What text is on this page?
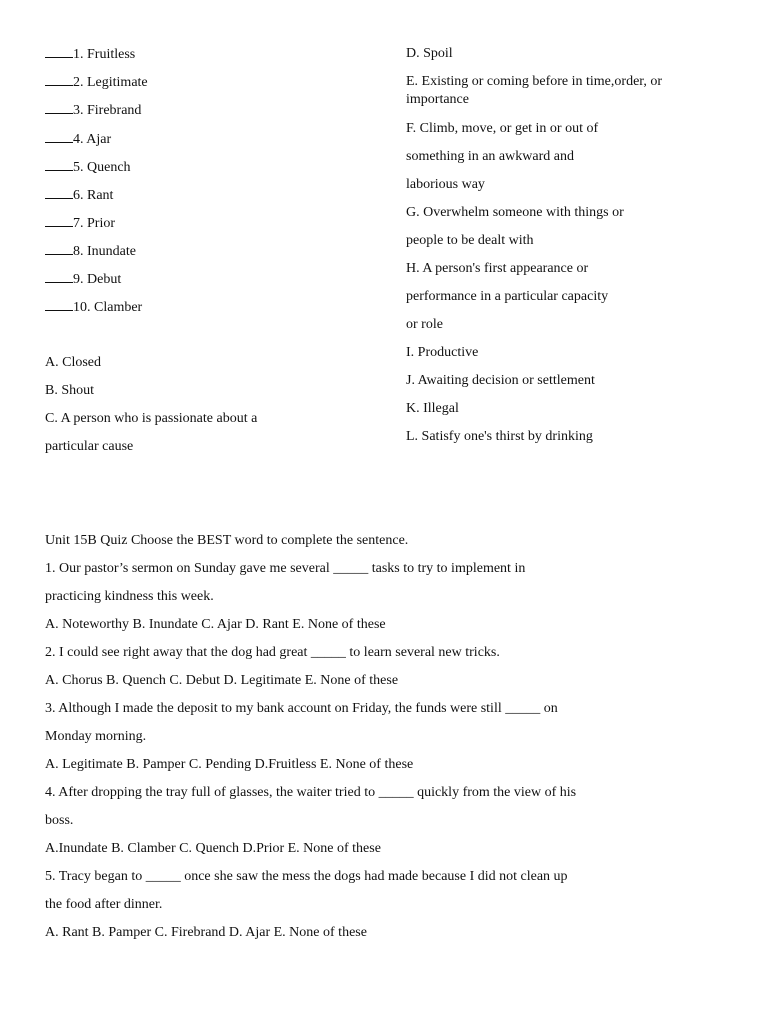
1. Fruitless
2. Legitimate
3. Firebrand
4. Ajar
5. Quench
6. Rant
7. Prior
8. Inundate
9. Debut
10. Clamber
A. Closed
B. Shout
C. A person who is passionate about a
particular cause
D. Spoil
E. Existing or coming before in time,order, or
importance
F. Climb, move, or get in or out of
something in an awkward and
laborious way
G. Overwhelm someone with things or
people to be dealt with
H. A person's first appearance or
performance in a particular capacity
or role
I. Productive
J. Awaiting decision or settlement
K. Illegal
L. Satisfy one's thirst by drinking
Unit 15B Quiz Choose the BEST word to complete the sentence.
1. Our pastor’s sermon on Sunday gave me several _____ tasks to try to implement in
practicing kindness this week.
A. Noteworthy B. Inundate C. Ajar D. Rant E. None of these
2. I could see right away that the dog had great _____ to learn several new tricks.
A. Chorus B. Quench C. Debut D. Legitimate E. None of these
3. Although I made the deposit to my bank account on Friday, the funds were still _____ on
Monday morning.
A. Legitimate B. Pamper C. Pending D.Fruitless E. None of these
4. After dropping the tray full of glasses, the waiter tried to _____ quickly from the view of his
boss.
A.Inundate B. Clamber C. Quench D.Prior E. None of these
5. Tracy began to _____ once she saw the mess the dogs had made because I did not clean up
the food after dinner.
A. Rant B. Pamper C. Firebrand D. Ajar E. None of these
